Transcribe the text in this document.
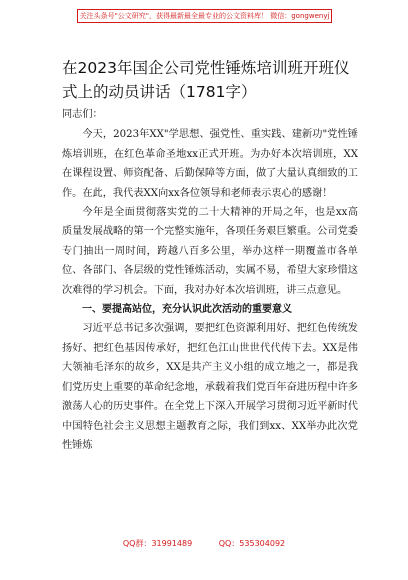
关注头条号"公文研究"，获得最新最全最专业的公文资料库！ 微信：gongwenyj
在2023年国企公司党性锤炼培训班开班仪式上的动员讲话（1781字）

同志们：

今天，2023年XX"学思想、强党性、重实践、建新功"党性锤炼培训班，在红色革命圣地xx正式开班。为办好本次培训班，XX在课程设置、师资配备、后勤保障等方面，做了大量认真细致的工作。在此，我代表XX向xx各位领导和老师表示衷心的感谢！

今年是全面贯彻落实党的二十大精神的开局之年，也是xx高质量发展战略的第一个完整实施年，各项任务艰巨繁重。公司党委专门抽出一周时间，跨越八百多公里，举办这样一期覆盖市各单位、各部门、各层级的党性锤炼活动，实属不易，希望大家珍惜这次难得的学习机会。下面，我对办好本次培训班，讲三点意见。

一、要提高站位，充分认识此次活动的重要意义

习近平总书记多次强调，要把红色资源利用好、把红色传统发扬好、把红色基因传承好，把红色江山世世代代传下去。XX是伟大领袖毛泽东的故乡，XX是共产主义小组的成立地之一，都是我们党历史上重要的革命纪念地，承载着我们党百年奋进历程中许多激荡人心的历史事件。在全党上下深入开展学习贯彻习近平新时代中国特色社会主义思想主题教育之际，我们到xx、XX举办此次党性锤炼

QQ群：31991489	QQ：535304092
